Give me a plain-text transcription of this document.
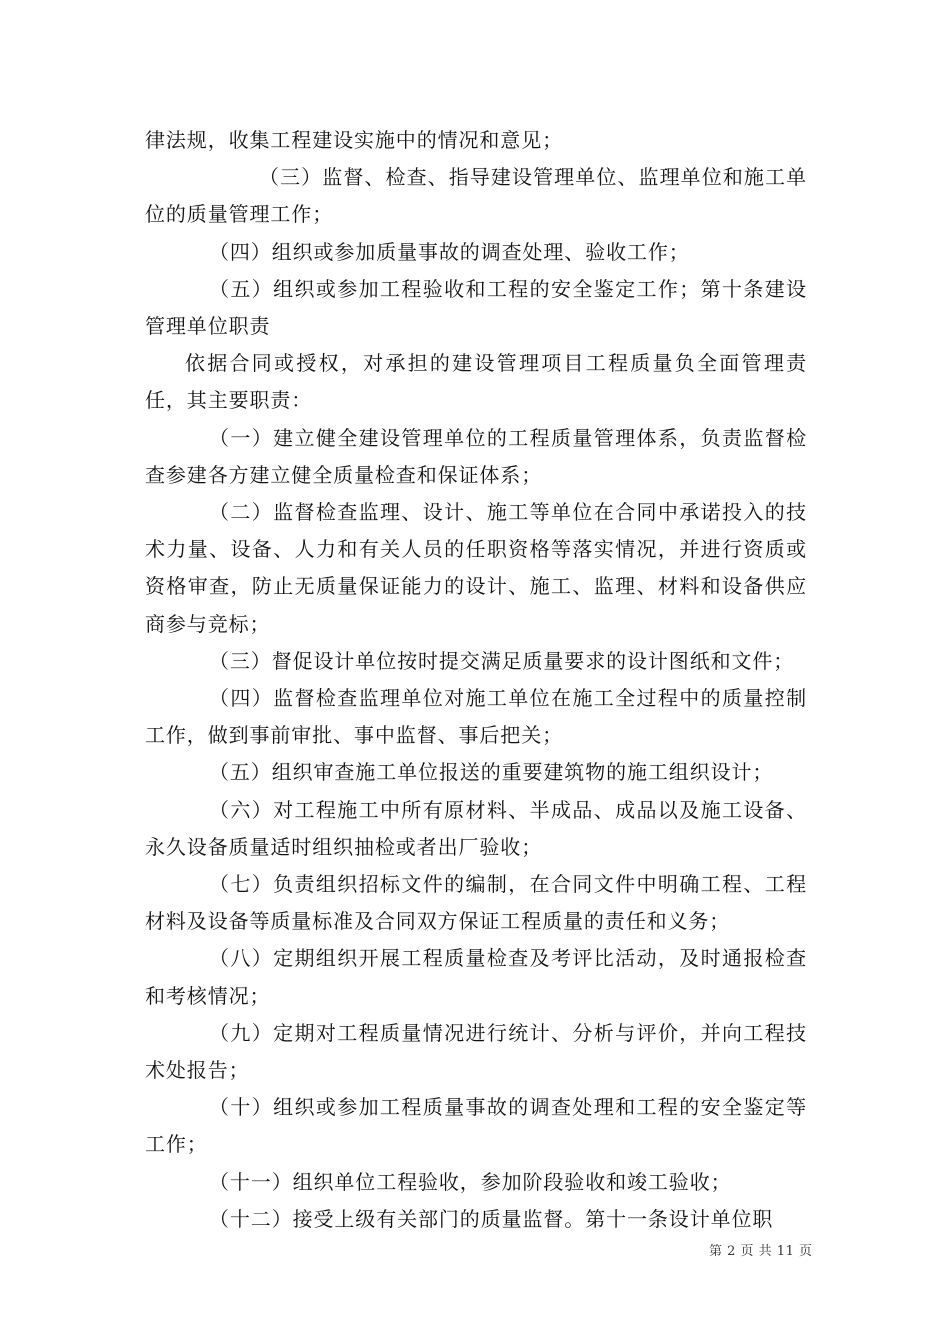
律法规，收集工程建设实施中的情况和意见；

（三）监督、检查、指导建设管理单位、监理单位和施工单位的质量管理工作；

（四）组织或参加质量事故的调查处理、验收工作；

（五）组织或参加工程验收和工程的安全鉴定工作；第十条建设管理单位职责

依据合同或授权，对承担的建设管理项目工程质量负全面管理责任，其主要职责：

（一）建立健全建设管理单位的工程质量管理体系，负责监督检查参建各方建立健全质量检查和保证体系；

（二）监督检查监理、设计、施工等单位在合同中承诺投入的技术力量、设备、人力和有关人员的任职资格等落实情况，并进行资质或资格审查，防止无质量保证能力的设计、施工、监理、材料和设备供应商参与竞标；

（三）督促设计单位按时提交满足质量要求的设计图纸和文件；

（四）监督检查监理单位对施工单位在施工全过程中的质量控制工作，做到事前审批、事中监督、事后把关；

（五）组织审查施工单位报送的重要建筑物的施工组织设计；

（六）对工程施工中所有原材料、半成品、成品以及施工设备、永久设备质量适时组织抽检或者出厂验收；

（七）负责组织招标文件的编制，在合同文件中明确工程、工程材料及设备等质量标准及合同双方保证工程质量的责任和义务；

（八）定期组织开展工程质量检查及考评比活动，及时通报检查和考核情况；

（九）定期对工程质量情况进行统计、分析与评价，并向工程技术处报告；

（十）组织或参加工程质量事故的调查处理和工程的安全鉴定等工作；

（十一）组织单位工程验收，参加阶段验收和竣工验收；

（十二）接受上级有关部门的质量监督。第十一条设计单位职

第 2 页 共 11 页
